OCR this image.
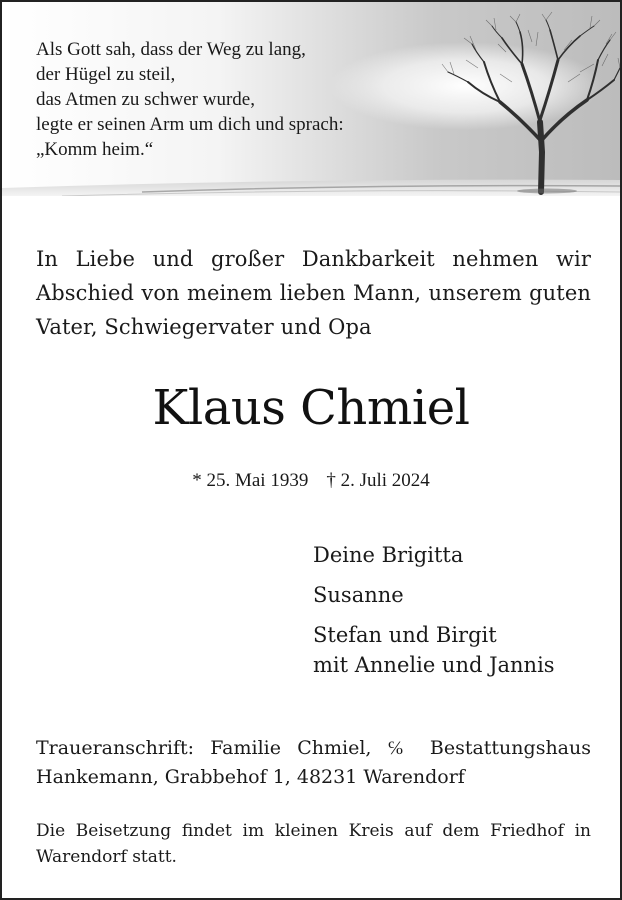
Als Gott sah, dass der Weg zu lang,
der Hügel zu steil,
das Atmen zu schwer wurde,
legte er seinen Arm um dich und sprach:
„Komm heim.“

In Liebe und großer Dankbarkeit nehmen wir Abschied von meinem lieben Mann, unserem guten Vater, Schwiegervater und Opa

Klaus Chmiel
* 25. Mai 1939 † 2. Juli 2024
Deine Brigitta
Susanne
Stefan und Birgit
mit Annelie und Jannis

Traueranschrift: Familie Chmiel, ℅ Bestattungshaus Hankemann, Grabbehof 1, 48231 Warendorf

Die Beisetzung findet im kleinen Kreis auf dem Friedhof in Warendorf statt.
